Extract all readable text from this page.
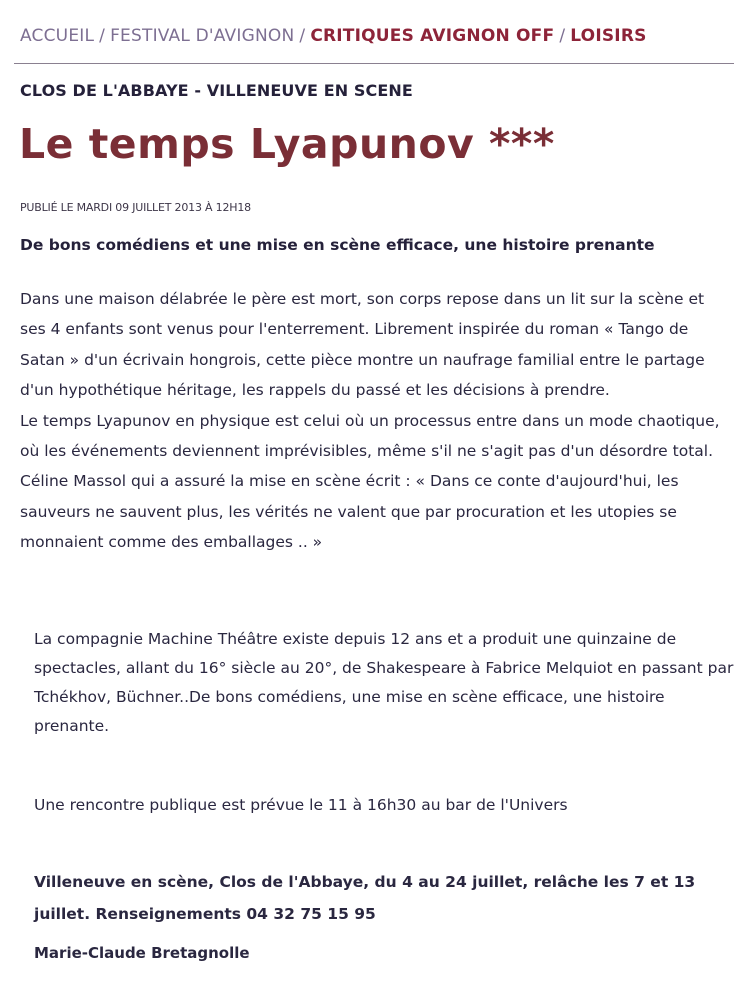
ACCUEIL / FESTIVAL D'AVIGNON / CRITIQUES AVIGNON OFF / LOISIRS
CLOS DE L'ABBAYE - VILLENEUVE EN SCENE
Le temps Lyapunov ***
PUBLIÉ LE MARDI 09 JUILLET 2013 À 12H18
De bons comédiens et une mise en scène efficace, une histoire prenante

Dans une maison délabrée le père est mort, son corps repose dans un lit sur la scène et ses 4 enfants sont venus pour l'enterrement. Librement inspirée du roman « Tango de Satan » d'un écrivain hongrois, cette pièce montre un naufrage familial entre le partage d'un hypothétique héritage, les rappels du passé et les décisions à prendre.
Le temps Lyapunov en physique est celui où un processus entre dans un mode chaotique, où les événements deviennent imprévisibles, même s'il ne s'agit pas d'un désordre total. Céline Massol qui a assuré la mise en scène écrit : « Dans ce conte d'aujourd'hui, les sauveurs ne sauvent plus, les vérités ne valent que par procuration et les utopies se monnaient comme des emballages .. »

La compagnie Machine Théâtre existe depuis 12 ans et a produit une quinzaine de spectacles, allant du 16° siècle au 20°, de Shakespeare à Fabrice Melquiot en passant par Tchékhov, Büchner..De bons comédiens, une mise en scène efficace, une histoire prenante.

Une rencontre publique est prévue le 11 à 16h30 au bar de l'Univers

Villeneuve en scène, Clos de l'Abbaye, du 4 au 24 juillet, relâche les 7 et 13 juillet. Renseignements 04 32 75 15 95

Marie-Claude Bretagnolle
